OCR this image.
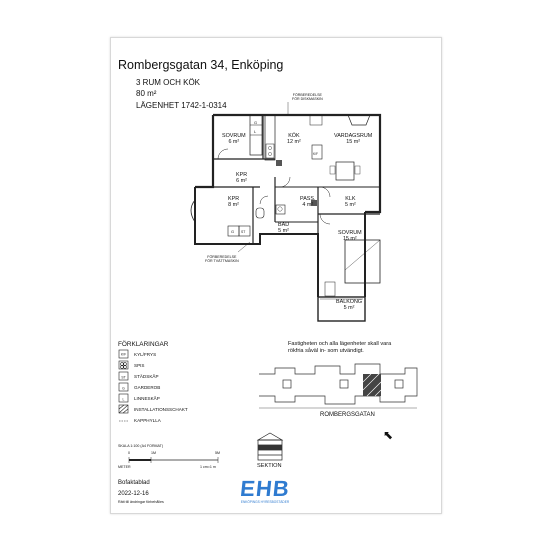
Rombergsgatan 34, Enköping
3 RUM OCH KÖK
80 m²
LÄGENHET 1742-1-0314
G
L
K/F
G ST
FÖRBEREDELSE
FÖR DISKMASKIN
FÖRBEREDELSE
FÖR TVÄTTMASKIN
SOVRUM
6 m²
KÖK
12 m²
VARDAGSRUM
15 m²
KPR
6 m²
KPR
8 m²
PASS.
4 m²
KLK
5 m²
BAD
5 m²	SOVRUM
15 m²
BALKONG
5 m²
FÖRKLARINGAR
K/F
ST
G
L
KYL/FRYS
SPIS
STÄDSKÅP
GARDEROB
LINNESKÅP
INSTALLATIONSSCHAKT
KAPPHYLLA
Fastigheten och alla lägenheter skall vara rökfria såväl in- som utvändigt.
ROMBERGSGATAN
⬉
SEKTION
SKALA 1:100 (A4 FORMAT)
0	1M	5M
METER	1 cm=1 m
Bofaktablad
2022-12-16
Rätt till ändringar förbehålles
EHB
ENKÖPINGS HYRESBOSTÄDER
